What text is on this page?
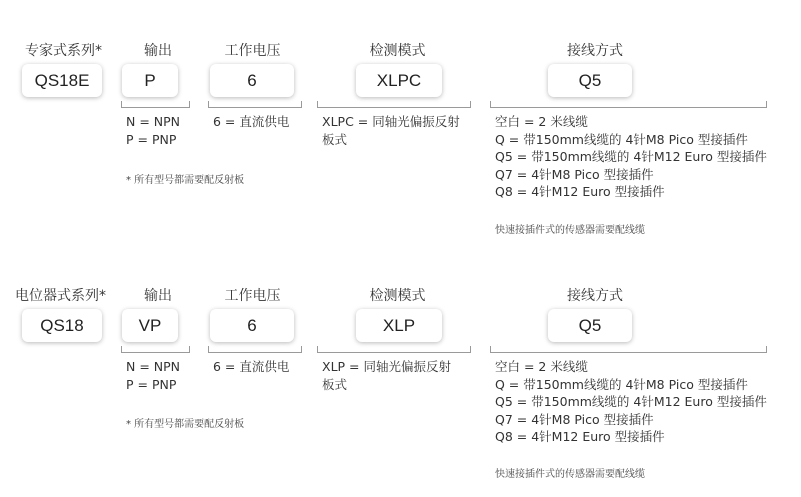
专家式系列*	输出	工作电压	检测模式	接线方式
QS18E	P	6	XLPC	Q5
N = NPN
P = PNP
6 = 直流供电	XLPC = 同轴光偏振反射
板式
空白 = 2 米线缆
Q = 带150mm线缆的 4针M8 Pico 型接插件
Q5 = 带150mm线缆的 4针M12 Euro 型接插件
Q7 = 4针M8 Pico 型接插件
Q8 = 4针M12 Euro 型接插件
* 所有型号都需要配反射板
快速接插件式的传感器需要配线缆
电位器式系列*	输出	工作电压	检测模式	接线方式
QS18	VP	6	XLP	Q5
N = NPN
P = PNP
6 = 直流供电	XLP = 同轴光偏振反射
板式
空白 = 2 米线缆
Q = 带150mm线缆的 4针M8 Pico 型接插件
Q5 = 带150mm线缆的 4针M12 Euro 型接插件
Q7 = 4针M8 Pico 型接插件
Q8 = 4针M12 Euro 型接插件
* 所有型号都需要配反射板
快速接插件式的传感器需要配线缆
